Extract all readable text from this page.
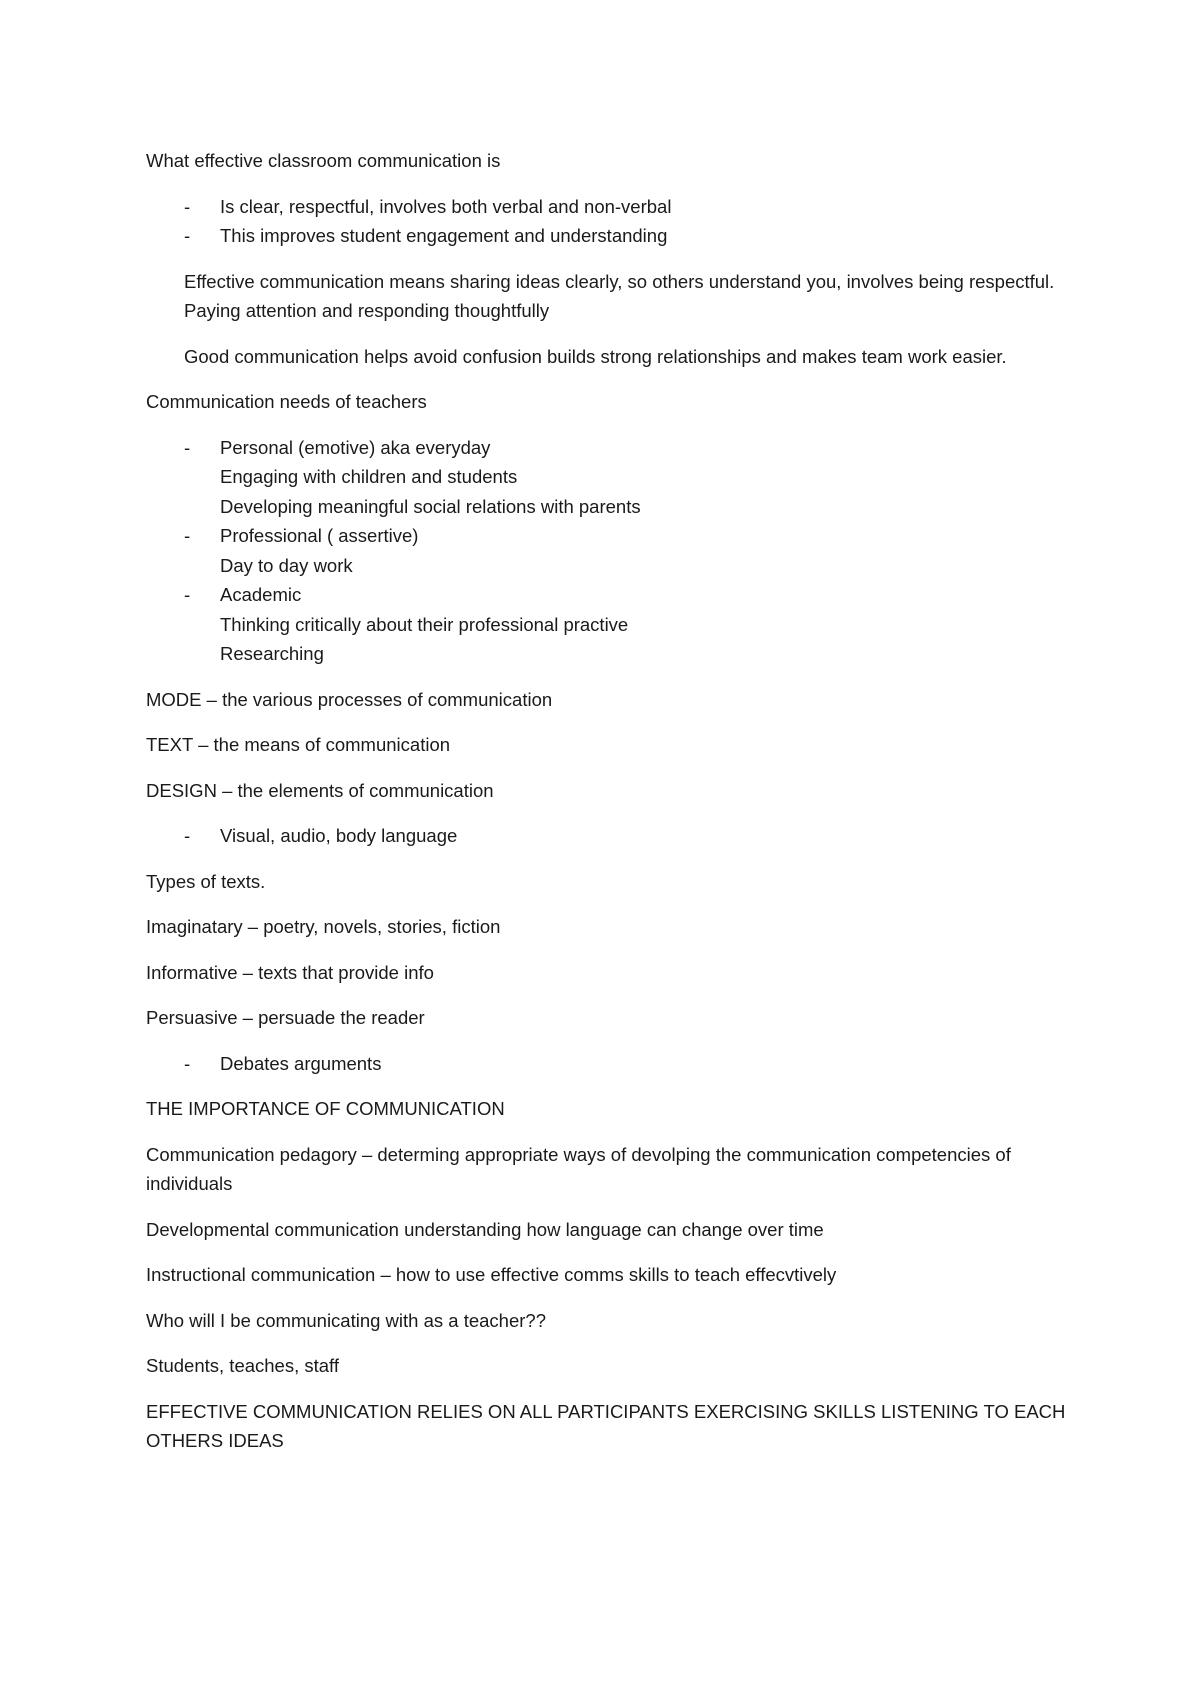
What effective classroom communication is

- Is clear, respectful, involves both verbal and non-verbal
- This improves student engagement and understanding

Effective communication means sharing ideas clearly, so others understand you, involves being respectful. Paying attention and responding thoughtfully

Good communication helps avoid confusion builds strong relationships and makes team work easier.

Communication needs of teachers

- Personal (emotive) aka everyday
Engaging with children and students
Developing meaningful social relations with parents
- Professional ( assertive)
Day to day work
- Academic
Thinking critically about their professional practive
Researching

MODE – the various processes of communication

TEXT – the means of communication

DESIGN – the elements of communication

- Visual, audio, body language

Types of texts.

Imaginatary – poetry, novels, stories, fiction

Informative – texts that provide info

Persuasive – persuade the reader

- Debates arguments

THE IMPORTANCE OF COMMUNICATION

Communication pedagory – determing appropriate ways of devolping the communication competencies of individuals

Developmental communication understanding how language can change over time

Instructional communication – how to use effective comms skills to teach effecvtively

Who will I be communicating with as a teacher??

Students, teaches, staff

EFFECTIVE COMMUNICATION RELIES ON ALL PARTICIPANTS EXERCISING SKILLS LISTENING TO EACH OTHERS IDEAS
